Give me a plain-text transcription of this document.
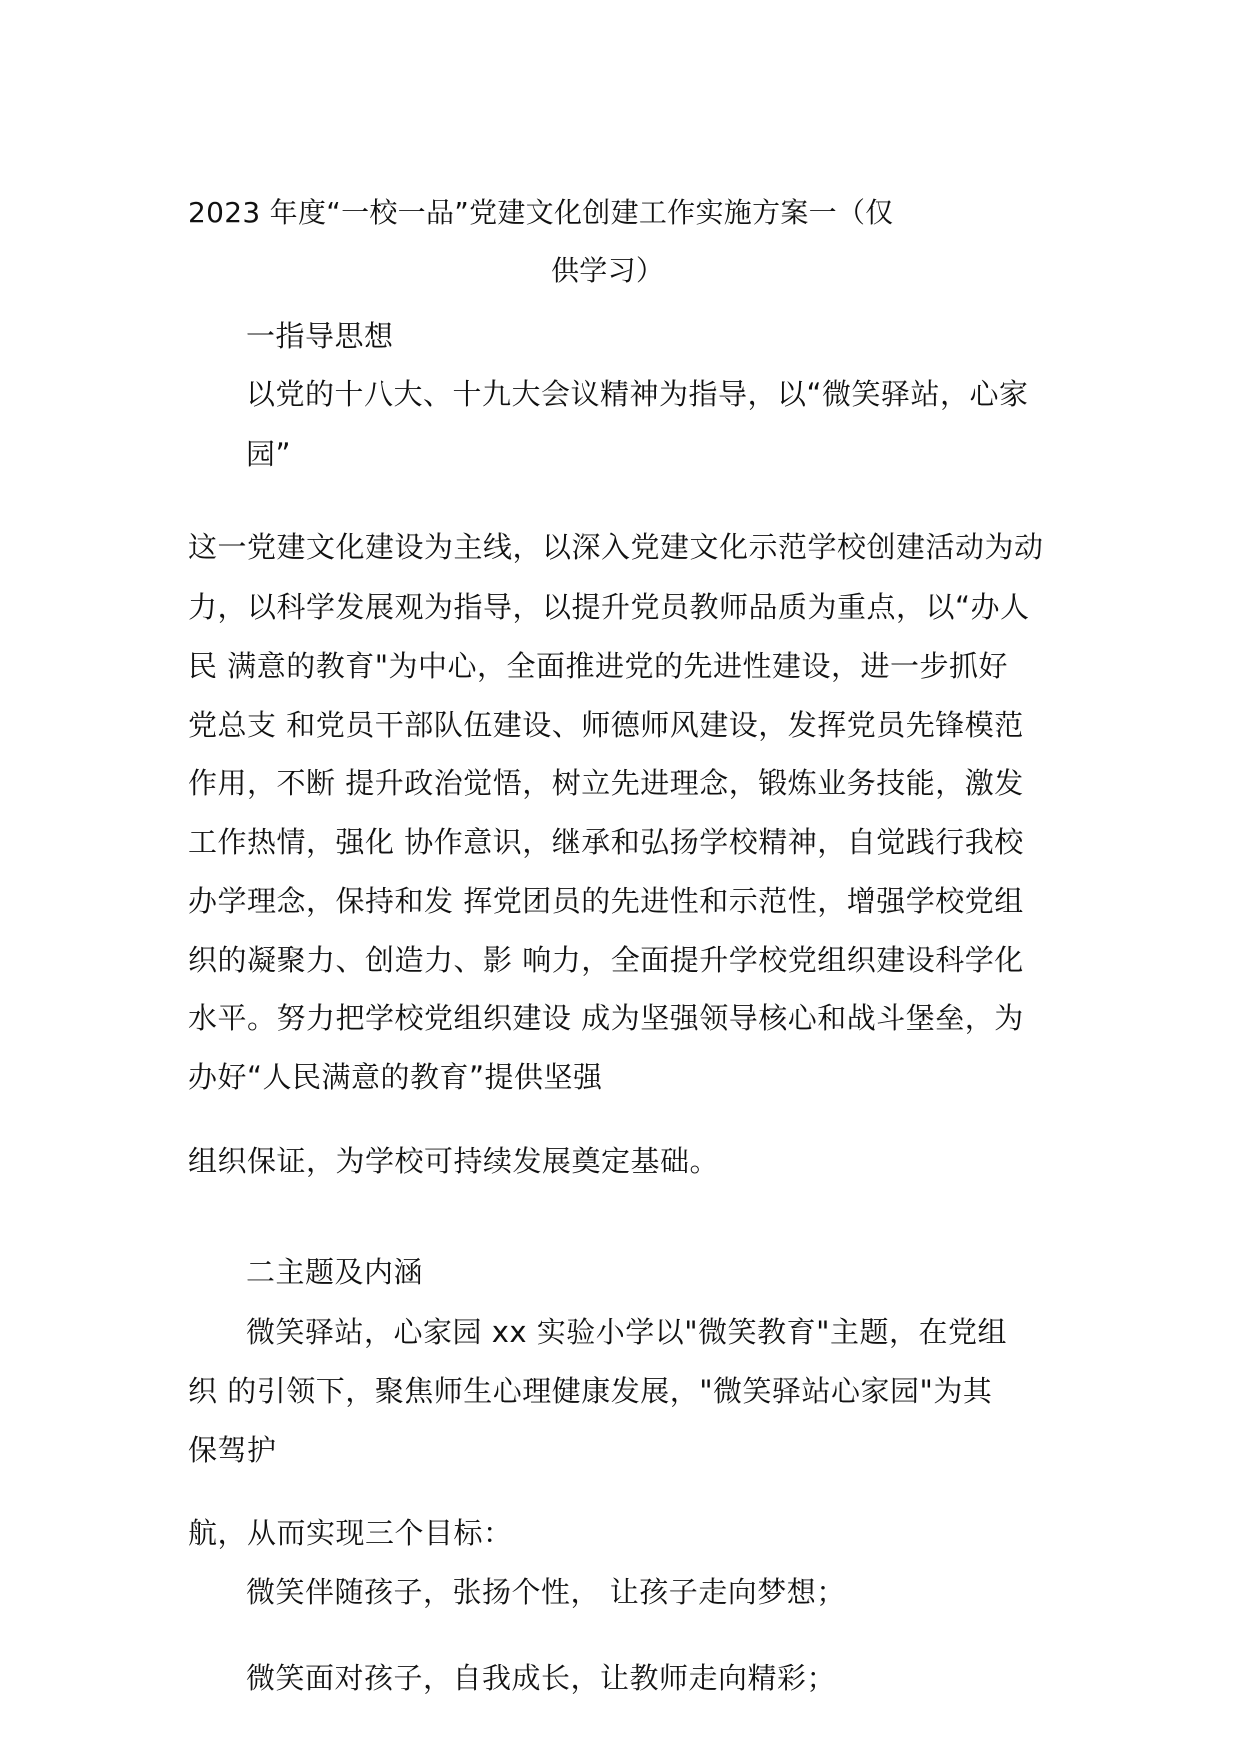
2023 年度“一校一品”党建文化创建工作实施方案一（仅
供学习）
一指导思想
以党的十八大、十九大会议精神为指导，以“微笑驿站，心家
园”
这一党建文化建设为主线，以深入党建文化示范学校创建活动为动
力，以科学发展观为指导，以提升党员教师品质为重点，以“办人
民 满意的教育"为中心，全面推进党的先进性建设，进一步抓好
党总支 和党员干部队伍建设、师德师风建设，发挥党员先锋模范
作用，不断 提升政治觉悟，树立先进理念，锻炼业务技能，激发
工作热情，强化 协作意识，继承和弘扬学校精神，自觉践行我校
办学理念，保持和发 挥党团员的先进性和示范性，增强学校党组
织的凝聚力、创造力、影 响力，全面提升学校党组织建设科学化
水平。努力把学校党组织建设 成为坚强领导核心和战斗堡垒，为
办好“人民满意的教育”提供坚强
组织保证，为学校可持续发展奠定基础。
二主题及内涵
微笑驿站，心家园 xx 实验小学以"微笑教育"主题，在党组
织 的引领下，聚焦师生心理健康发展，"微笑驿站心家园"为其
保驾护
航，从而实现三个目标：
微笑伴随孩子，张扬个性， 让孩子走向梦想；
微笑面对孩子，自我成长，让教师走向精彩；
